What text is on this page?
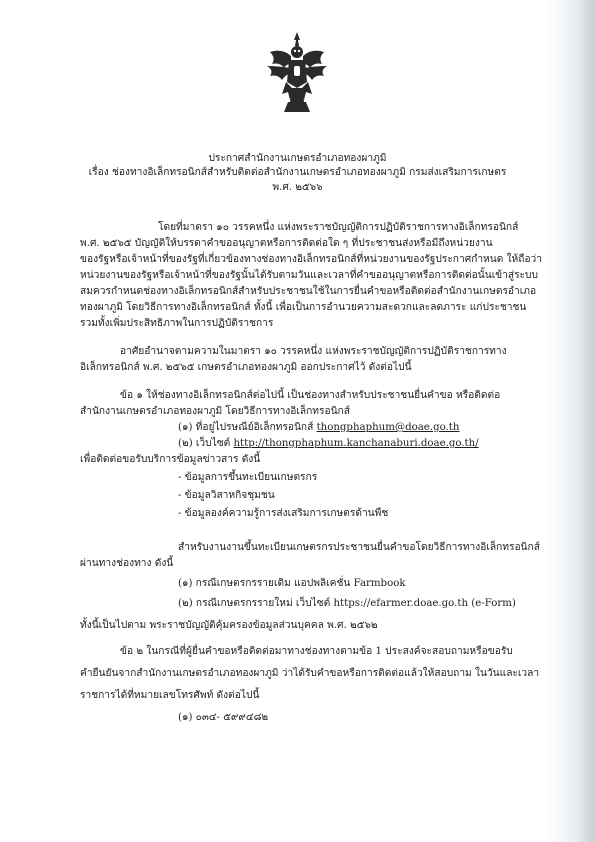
ประกาศสำนักงานเกษตรอำเภอทองผาภูมิ
เรื่อง ช่องทางอิเล็กทรอนิกส์สำหรับติดต่อสำนักงานเกษตรอำเภอทองผาภูมิ กรมส่งเสริมการเกษตร
พ.ศ. ๒๕๖๖
โดยที่มาตรา ๑๐ วรรคหนึ่ง แห่งพระราชบัญญัติการปฏิบัติราชการทางอิเล็กทรอนิกส์
พ.ศ. ๒๕๖๕ บัญญัติให้บรรดาคำขออนุญาตหรือการติดต่อใด ๆ ที่ประชาชนส่งหรือมีถึงหน่วยงาน
ของรัฐหรือเจ้าหน้าที่ของรัฐที่เกี่ยวข้องทางช่องทางอิเล็กทรอนิกส์ที่หน่วยงานของรัฐประกาศกำหนด ให้ถือว่า
หน่วยงานของรัฐหรือเจ้าหน้าที่ของรัฐนั้นได้รับตามวันและเวลาที่คำขออนุญาตหรือการติดต่อนั้นเข้าสู่ระบบ
สมควรกำหนดช่องทางอิเล็กทรอนิกส์สำหรับประชาชนใช้ในการยื่นคำขอหรือติดต่อสำนักงานเกษตรอำเภอ
ทองผาภูมิ โดยวิธีการทางอิเล็กทรอนิกส์ ทั้งนี้ เพื่อเป็นการอำนวยความสะดวกและลดภาระ แก่ประชาชน
รวมทั้งเพิ่มประสิทธิภาพในการปฏิบัติราชการ
อาศัยอำนาจตามความในมาตรา ๑๐ วรรคหนึ่ง แห่งพระราชบัญญัติการปฏิบัติราชการทาง
อิเล็กทรอนิกส์ พ.ศ. ๒๕๖๕ เกษตรอำเภอทองผาภูมิ ออกประกาศไว้ ดังต่อไปนี้
ข้อ ๑ ให้ช่องทางอิเล็กทรอนิกส์ต่อไปนี้ เป็นช่องทางสำหรับประชาชนยื่นคำขอ หรือติดต่อ
สำนักงานเกษตรอำเภอทองผาภูมิ โดยวิธีการทางอิเล็กทรอนิกส์
(๑) ที่อยู่ไปรษณีย์อิเล็กทรอนิกส์ thongphaphum@doae.go.th
(๒) เว็บไซต์ http://thongphaphum.kanchanaburi.doae.go.th/
เพื่อติดต่อขอรับบริการข้อมูลข่าวสาร ดังนี้
- ข้อมูลการขึ้นทะเบียนเกษตรกร
- ข้อมูลวิสาหกิจชุมชน
- ข้อมูลองค์ความรู้การส่งเสริมการเกษตรด้านพืช
สำหรับงานงานขึ้นทะเบียนเกษตรกรประชาชนยื่นคำขอโดยวิธีการทางอิเล็กทรอนิกส์
ผ่านทางช่องทาง ดังนี้
(๑) กรณีเกษตรกรรายเดิม แอปพลิเคชั่น Farmbook
(๒) กรณีเกษตรกรรายใหม่ เว็บไซต์ https://efarmer.doae.go.th (e-Form)
ทั้งนี้เป็นไปตาม พระราชบัญญัติคุ้มครองข้อมูลส่วนบุคคล พ.ศ. ๒๕๖๒
ข้อ ๒ ในกรณีที่ผู้ยื่นคำขอหรือติดต่อมาทางช่องทางตามข้อ 1 ประสงค์จะสอบถามหรือขอรับ
คำยืนยันจากสำนักงานเกษตรอำเภอทองผาภูมิ ว่าได้รับคำขอหรือการติดต่อแล้วให้สอบถาม ในวันและเวลา
ราชการได้ที่หมายเลขโทรศัพท์ ดังต่อไปนี้
(๑) ๐๓๔- ๕๙๙๔๘๒
